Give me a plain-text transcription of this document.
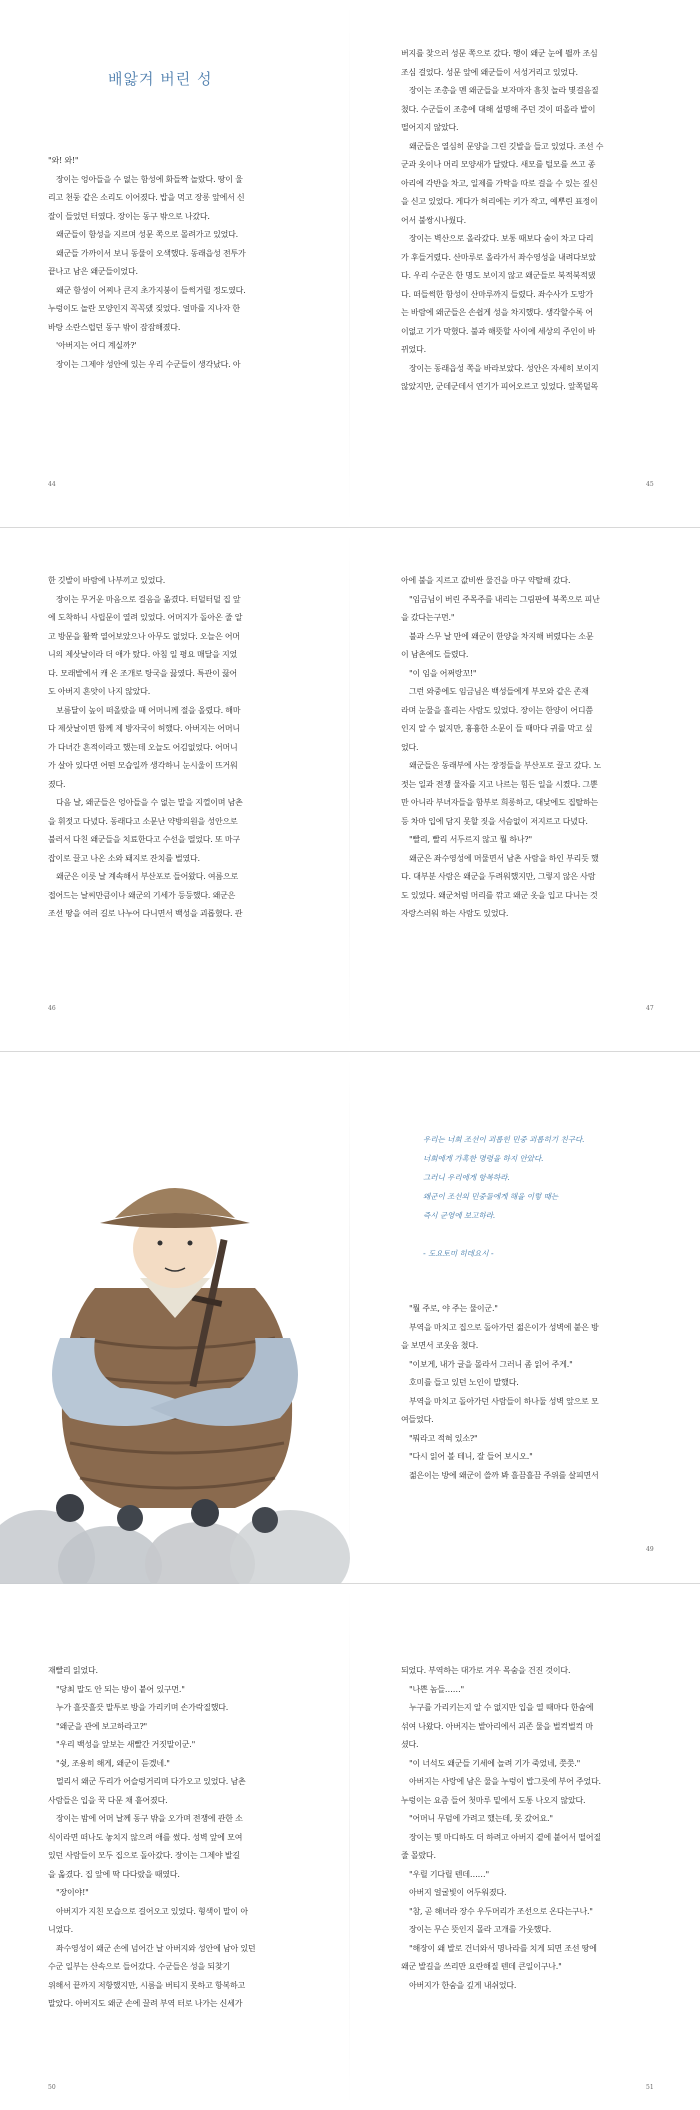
배앓겨 버린 성
"와! 와!"
장이는 엉아들을 수 없는 함성에 화들짝 놀랐다. 땅이 울
리고 천둥 같은 소리도 이어졌다. 밥을 먹고 장롱 앞에서 신
잘이 들었던 터였다. 장이는 동구 밖으로 나갔다.
왜군들이 함성을 지르며 성문 쪽으로 몰려가고 있었다.
왜군들 가까이서 보니 동물이 오색했다. 동래읍성 전투가
끝나고 남은 왜군들이었다.
왜군 함성이 어찌나 큰지 초가지붕이 들썩거릴 정도였다.
누렁이도 놀란 모양인지 꼭꼭댔 짖었다. 얼마를 지나자 한
바탕 소란스럽던 동구 밖이 잠잠해졌다.
'아버지는 어디 계실까?'
장이는 그제야 성안에 있는 우리 수군들이 생각났다. 아
44
버지를 찾으러 성문 쪽으로 갔다. 행이 왜군 눈에 띌까 조심
조심 걸었다. 성문 앞에 왜군들이 서성거리고 있었다.
장이는 조총을 멘 왜군들을 보자마자 흠칫 놀라 몇걸음질
쳤다. 수군들이 조총에 대해 설명해 주던 것이 떠올라 발이
떨어지지 않았다.
왜군들은 열심히 문양을 그린 깃발을 들고 있었다. 조선 수
군과 옷이나 머리 모양새가 달랐다. 새모를 털모를 쓰고 종
아리에 각반을 차고, 일제를 가탁을 따로 걸을 수 있는 짚신
을 신고 있었다. 게다가 허리에는 키가 작고, 예뿌린 표정이
어서 불쌍시나웠다.
장이는 벽산으로 올라갔다. 보통 때보다 숨이 차고 다리
가 후들거렸다. 산마루로 올라가서 좌수영성을 내려다보았
다. 우리 수군은 한 명도 보이지 않고 왜군들로 북적북적댔
다. 떠들썩한 함성이 산마루까지 들렸다. 좌수사가 도망가
는 바람에 왜군들은 손쉽게 성을 차지했다. 생각할수록 어
이없고 기가 막혔다. 불과 해뜻할 사이에 세상의 주인이 바
뀌었다.
장이는 동래읍성 쪽을 바라보았다. 성안은 자세히 보이지
않았지만, 군데군데서 연기가 피어오르고 있었다. 앞쪽덜목
45
한 깃발이 바람에 나부끼고 있었다.
장이는 무거운 마음으로 걸음을 옮겼다. 터덜터덜 집 앞
에 도착하니 사립문이 열려 있었다. 어머지가 돌아온 줄 알
고 방문을 활짝 열어보았으나 아무도 없었다. 오늘은 어머
니의 제삿날이라 더 애가 탔다. 아침 일 평요 매달을 지었
다. 모래밭에서 캐 온 조개로 탕국을 끓였다. 특관이 끓어
도 아버지 흔앗이 나지 않았다.
보름달이 높이 떠올랐을 때 어머니께 절을 올렸다. 해마
다 제삿날이면 함께 제 방자국이 허했다. 아버지는 어머니
가 다녀간 흔적이라고 했는데 오늘도 어김없었다. 어머니
가 살아 있다면 어떤 모습일까 생각하니 눈시울이 뜨거워
졌다.
다음 날, 왜군들은 엉아들을 수 없는 말을 지껄이며 남촌
을 휘젓고 다녔다. 동래다고 소문난 약방의원을 성안으로
불러서 다친 왜군들을 치료한다고 수선을 떨었다. 또 마구
잡이로 끌고 나온 소와 돼지로 잔치를 벌였다.
왜군은 이릇 날 계속해서 부산포로 들어왔다. 여름으로
접어드는 날씨만큼이나 왜군의 기세가 등등했다. 왜군은
조선 땅을 여러 길로 나누어 다니면서 백성을 괴롭혔다. 관
46
아에 불을 지르고 값비싼 물건을 마구 약탈해 갔다.
"임금님이 버린 주목주를 내리는 그림판에 북쪽으로 피난
을 갔다는구먼."
불과 스무 날 만에 왜군이 한양을 차지해 버렸다는 소문
이 남촌에도 들렸다.
"이 임을 어쩌랑꼬!"
그런 와중에도 임금님은 백성들에게 부모와 같은 존재
라며 눈물을 흘리는 사람도 있었다. 장이는 한양이 어디쯤
인지 알 수 없지만, 흉흉한 소문이 들 때마다 귀를 막고 싶
었다.
왜군들은 동래부에 사는 장정들을 부산포로 끌고 갔다. 노
젓는 일과 전쟁 물자를 지고 나르는 힘든 일을 시켰다. 그뿐
만 아니라 부녀자들을 함부로 희롱하고, 대낮에도 집탈하는
등 차마 입에 담지 못할 짓을 서슴없이 저지르고 다녔다.
"빨리, 빨리 서두르지 않고 뭘 하나?"
왜군은 좌수영성에 머물면서 남촌 사람을 하인 부리듯 했
다. 대부분 사람은 왜군을 두려워했지만, 그렇지 않은 사람
도 있었다. 왜군처럼 머리를 깎고 왜군 옷을 입고 다니는 것
자랑스러워 하는 사람도 있었다.
47
우리는 너희 조선이 괴롭힌 민중 괴롭히기 친구다.
너희에게 가혹한 명령을 하지 안았다.
그러니 우리에게 항복하라.
왜군이 조선의 민중들에게 해을 이렇 때는
즉시 군영에 보고하라.

- 도요토미 히데요시 -
"뭘 주로, 야 주는 물이군."
부역을 마치고 집으로 돌아가던 젊은이가 성벽에 붙은 방
을 보면서 코웃음 쳤다.
"이보게, 내가 글을 몰라서 그러니 좀 읽어 주게."
호미를 들고 있던 노인이 말했다.
부역을 마치고 돌아가던 사람들이 하나둘 성벽 앞으로 모
여들었다.
"뭐라고 적혀 있소?"
"다시 읽어 볼 테니, 잘 들어 보시오."
젊은이는 방에 왜군이 쓸까 봐 흘끔흘끔 주위를 살피면서
49
재빨리 읽었다.
"당최 말도 안 되는 방이 붙어 있구먼."
누가 흘끗흘끗 말투로 방을 가리키며 손가락질했다.
"왜군을 관에 보고하라고?"
"우리 백성을 앞보는 새빨간 거짓말이군."
"쉿, 조용히 해게, 왜군이 듣겠네."
멀리서 왜군 두리가 어슬렁거리며 다가오고 있었다. 남촌
사람들은 입을 꾹 다문 채 흩어졌다.
장이는 밤에 어머 날께 동구 밖을 오가며 전쟁에 관한 소
식이라면 떠나도 놓치지 않으려 애를 썼다. 성벽 앞에 모여
있던 사람들이 모두 집으로 돌아갔다. 장이는 그제야 발길
을 옮겼다. 집 앞에 딱 다다랐을 때였다.
"장이야!"
아버지가 지친 모습으로 걸어오고 있었다. 형색이 말이 아
니었다.
좌수영성이 왜군 손에 넘어간 날 아버지와 성안에 남아 있던
수군 일부는 산속으로 들어갔다. 수군들은 성을 되찾기
위해서 끝까지 저항했지만, 시름을 버티지 못하고 항복하고
말았다. 아버지도 왜군 손에 끌려 부역 터로 나가는 신세가
50
되었다. 부역하는 대가로 겨우 목숨을 건진 것이다.
"나쁜 놈들……"
누구를 가리키는지 알 수 없지만 입을 열 때마다 한숨에
섞여 나왔다. 아버지는 밭아리에서 괴존 물을 벌컥벌컥 마
셨다.
"이 너석도 왜군들 기세에 놀려 기가 죽었네, 쯧쯧."
아버지는 사랑에 남은 물을 누렁이 밥그릇에 부어 주었다.
누렁이는 요즘 들어 첫마루 밑에서 도통 나오지 않았다.
"어머니 무덤에 가려고 했는데, 못 갔어요."
장이는 몇 마디하도 더 하려고 아버지 곁에 붙어서 떨어질
줄 몰랐다.
"우릴 기다릴 텐데……"
아버지 얼굴빛이 어두워졌다.
"참, 곧 해녀라 장수 우두머리가 조선으로 온다는구나."
장이는 무슨 뜻인지 몰라 고개를 가웃했다.
"해장이 왜 발로 건너와서 명나라를 치게 되면 조선 땅에
왜군 발길을 쓰리만 요란해질 텐데 큰일이구나."
아버지가 한숨을 깊게 내쉬었다.
51
